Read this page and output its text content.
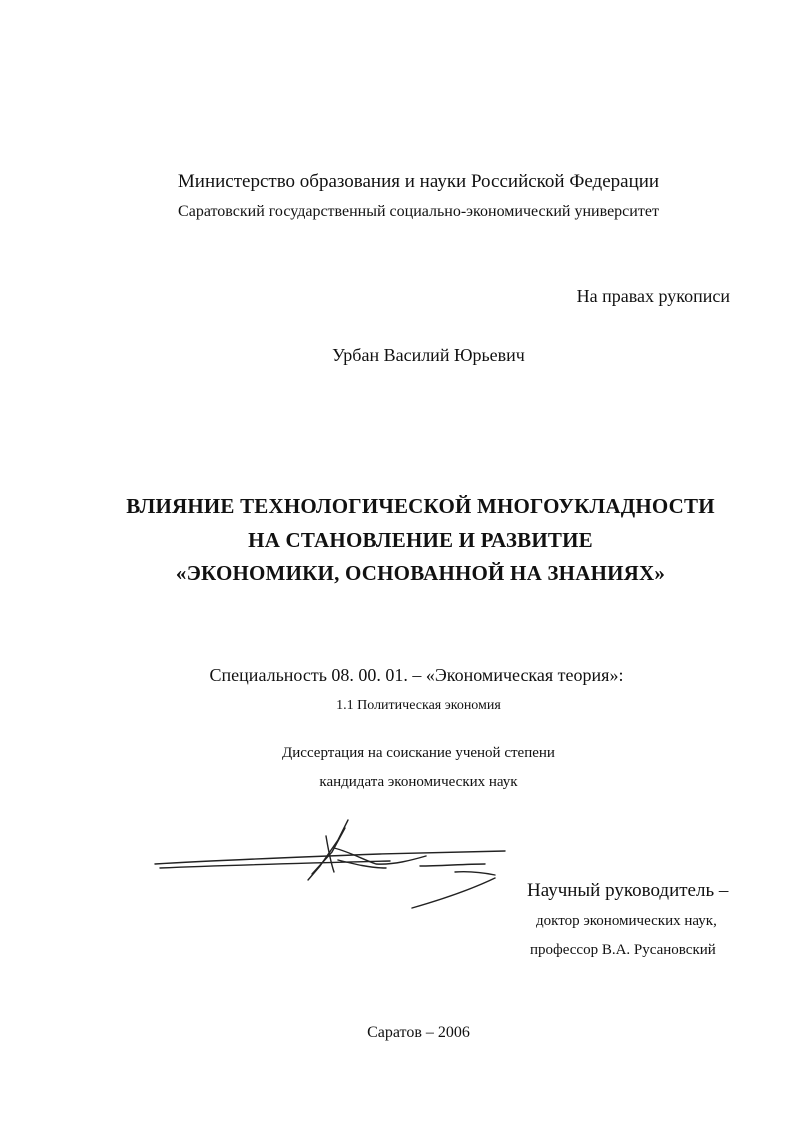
Министерство образования и науки Российской Федерации
Саратовский государственный социально-экономический университет
На правах рукописи
Урбан Василий Юрьевич
ВЛИЯНИЕ ТЕХНОЛОГИЧЕСКОЙ МНОГОУКЛАДНОСТИ
НА СТАНОВЛЕНИЕ И РАЗВИТИЕ
«ЭКОНОМИКИ, ОСНОВАННОЙ НА ЗНАНИЯХ»
Специальность 08. 00. 01. – «Экономическая теория»:
1.1 Политическая экономия
Диссертация на соискание ученой степени
кандидата экономических наук
Научный руководитель –
доктор экономических наук,
профессор В.А. Русановский
Саратов – 2006
